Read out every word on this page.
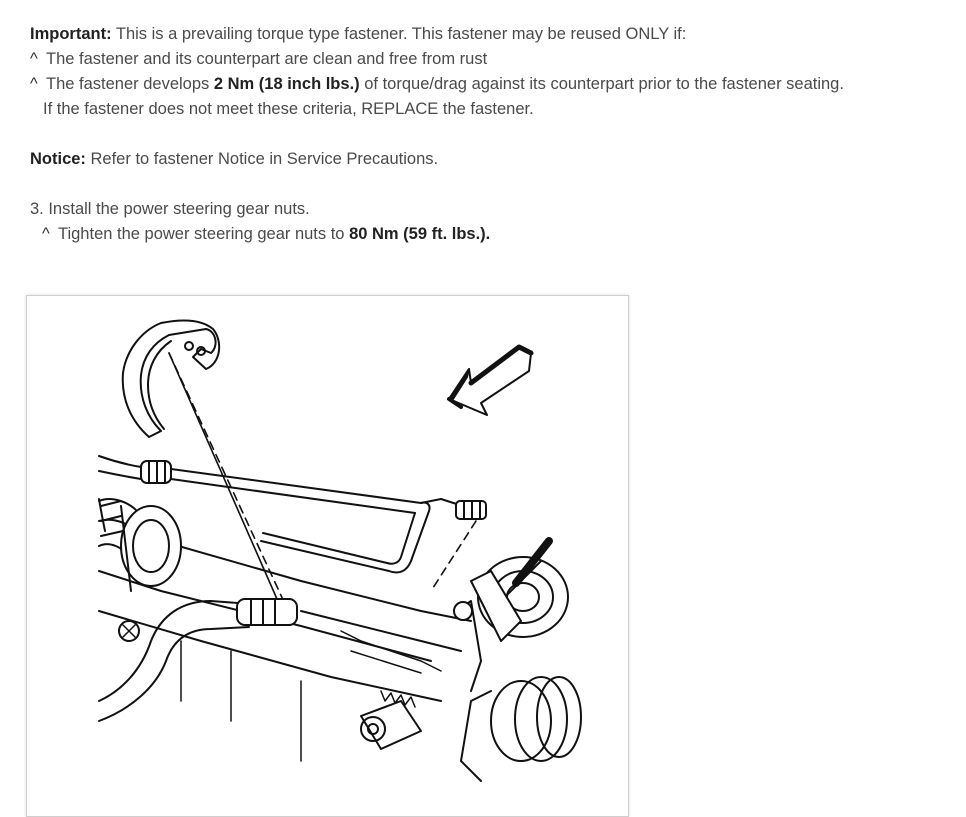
Important: This is a prevailing torque type fastener. This fastener may be reused ONLY if:
^ The fastener and its counterpart are clean and free from rust
^ The fastener develops 2 Nm (18 inch lbs.) of torque/drag against its counterpart prior to the fastener seating.
If the fastener does not meet these criteria, REPLACE the fastener.
Notice: Refer to fastener Notice in Service Precautions.
3. Install the power steering gear nuts.
^ Tighten the power steering gear nuts to 80 Nm (59 ft. lbs.).
